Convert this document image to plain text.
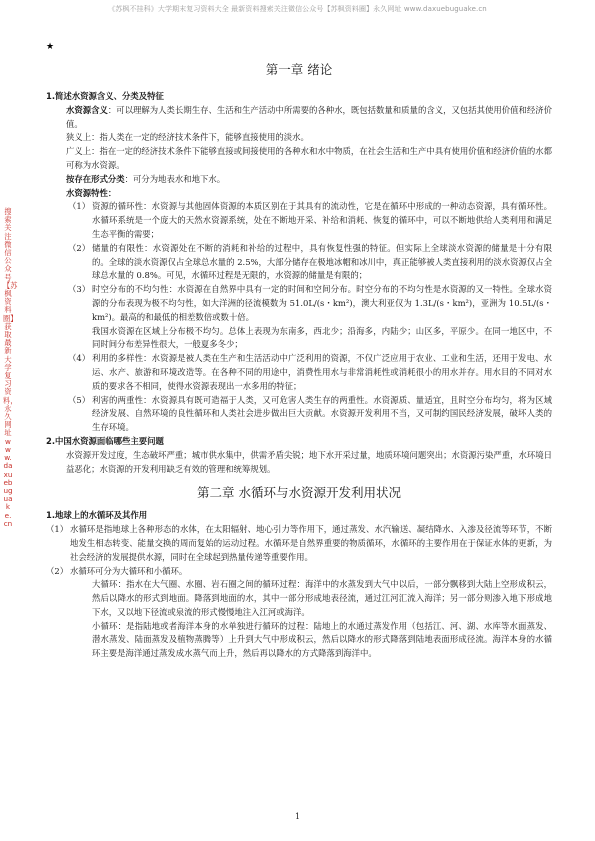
《苏枫不挂科》大学期末复习资料大全 最新资料搜索关注微信公众号【苏枫资料圈】永久网址 www.daxuebuguake.cn
搜索关注微信公众号【苏枫资料圈】获取最新大学复习资料，永久网址www.daxuebuguake.cn
★
第一章 绪论

1.简述水资源含义、分类及特征

水资源含义：可以理解为人类长期生存、生活和生产活动中所需要的各种水，既包括数量和质量的含义，又包括其使用价值和经济价值。

狭义上：指人类在一定的经济技术条件下，能够直接使用的淡水。

广义上：指在一定的经济技术条件下能够直接或间接使用的各种水和水中物质，在社会生活和生产中具有使用价值和经济价值的水都可称为水资源。

按存在形式分类：可分为地表水和地下水。

水资源特性：

（1） 资源的循环性：水资源与其他固体资源的本质区别在于其具有的流动性，它是在循环中形成的一种动态资源，具有循环性。水循环系统是一个庞大的天然水资源系统，处在不断地开采、补给和消耗、恢复的循环中，可以不断地供给人类利用和满足生态平衡的需要；

（2） 储量的有限性：水资源处在不断的消耗和补给的过程中，具有恢复性强的特征。但实际上全球淡水资源的储量是十分有限的。全球的淡水资源仅占全球总水量的 2.5%，大部分储存在极地冰帽和冰川中，真正能够被人类直接利用的淡水资源仅占全球总水量的 0.8%。可见，水循环过程是无限的，水资源的储量是有限的；

（3） 时空分布的不均匀性：水资源在自然界中具有一定的时间和空间分布。时空分布的不均匀性是水资源的又一特性。全球水资源的分布表现为极不均匀性，如大洋洲的径流模数为 51.0L/(s・km²)，澳大利亚仅为 1.3L/(s・km²)，亚洲为 10.5L/(s・km²)。最高的和最低的相差数倍或数十倍。

我国水资源在区域上分布极不均匀。总体上表现为东南多，西北少；沿海多，内陆少；山区多，平原少。在同一地区中，不同时间分布差异性很大，一般夏多冬少；

（4） 利用的多样性：水资源是被人类在生产和生活活动中广泛利用的资源，不仅广泛应用于农业、工业和生活，还用于发电、水运、水产、旅游和环境改造等。在各种不同的用途中，消费性用水与非常消耗性或消耗很小的用水并存。用水目的不同对水质的要求各不相同，使得水资源表现出一水多用的特征；

（5） 利害的两重性：水资源具有既可造福于人类，又可危害人类生存的两重性。水资源质、量适宜，且时空分布均匀，将为区域经济发展、自然环境的良性循环和人类社会进步做出巨大贡献。水资源开发利用不当，又可制约国民经济发展，破坏人类的生存环境。

2.中国水资源面临哪些主要问题

水资源开发过度，生态破坏严重；城市供水集中，供需矛盾尖锐；地下水开采过量，地质环境问题突出；水资源污染严重，水环境日益恶化；水资源的开发利用缺乏有效的管理和统筹规划。

第二章 水循环与水资源开发利用状况

1.地球上的水循环及其作用

（1） 水循环是指地球上各种形态的水体，在太阳辐射、地心引力等作用下，通过蒸发、水汽输送、凝结降水、入渗及径流等环节，不断地发生相态转变、能量交换的周而复始的运动过程。水循环是自然界重要的物质循环，水循环的主要作用在于保证水体的更新，为社会经济的发展提供水源，同时在全球起到热量传递等重要作用。

（2） 水循环可分为大循环和小循环。

大循环：指水在大气圈、水圈、岩石圈之间的循环过程：海洋中的水蒸发到大气中以后，一部分飘移到大陆上空形成积云，然后以降水的形式到地面。降落到地面的水，其中一部分形成地表径流，通过江河汇流入海洋；另一部分则渗入地下形成地下水，又以地下径流或泉流的形式慢慢地注入江河或海洋。

小循环：是指陆地或者海洋本身的水单独进行循环的过程：陆地上的水通过蒸发作用（包括江、河、湖、水库等水面蒸发、潜水蒸发、陆面蒸发及植物蒸腾等）上升到大气中形成积云，然后以降水的形式降落到陆地表面形成径流。海洋本身的水循环主要是海洋通过蒸发成水蒸气而上升，然后再以降水的方式降落到海洋中。

1
